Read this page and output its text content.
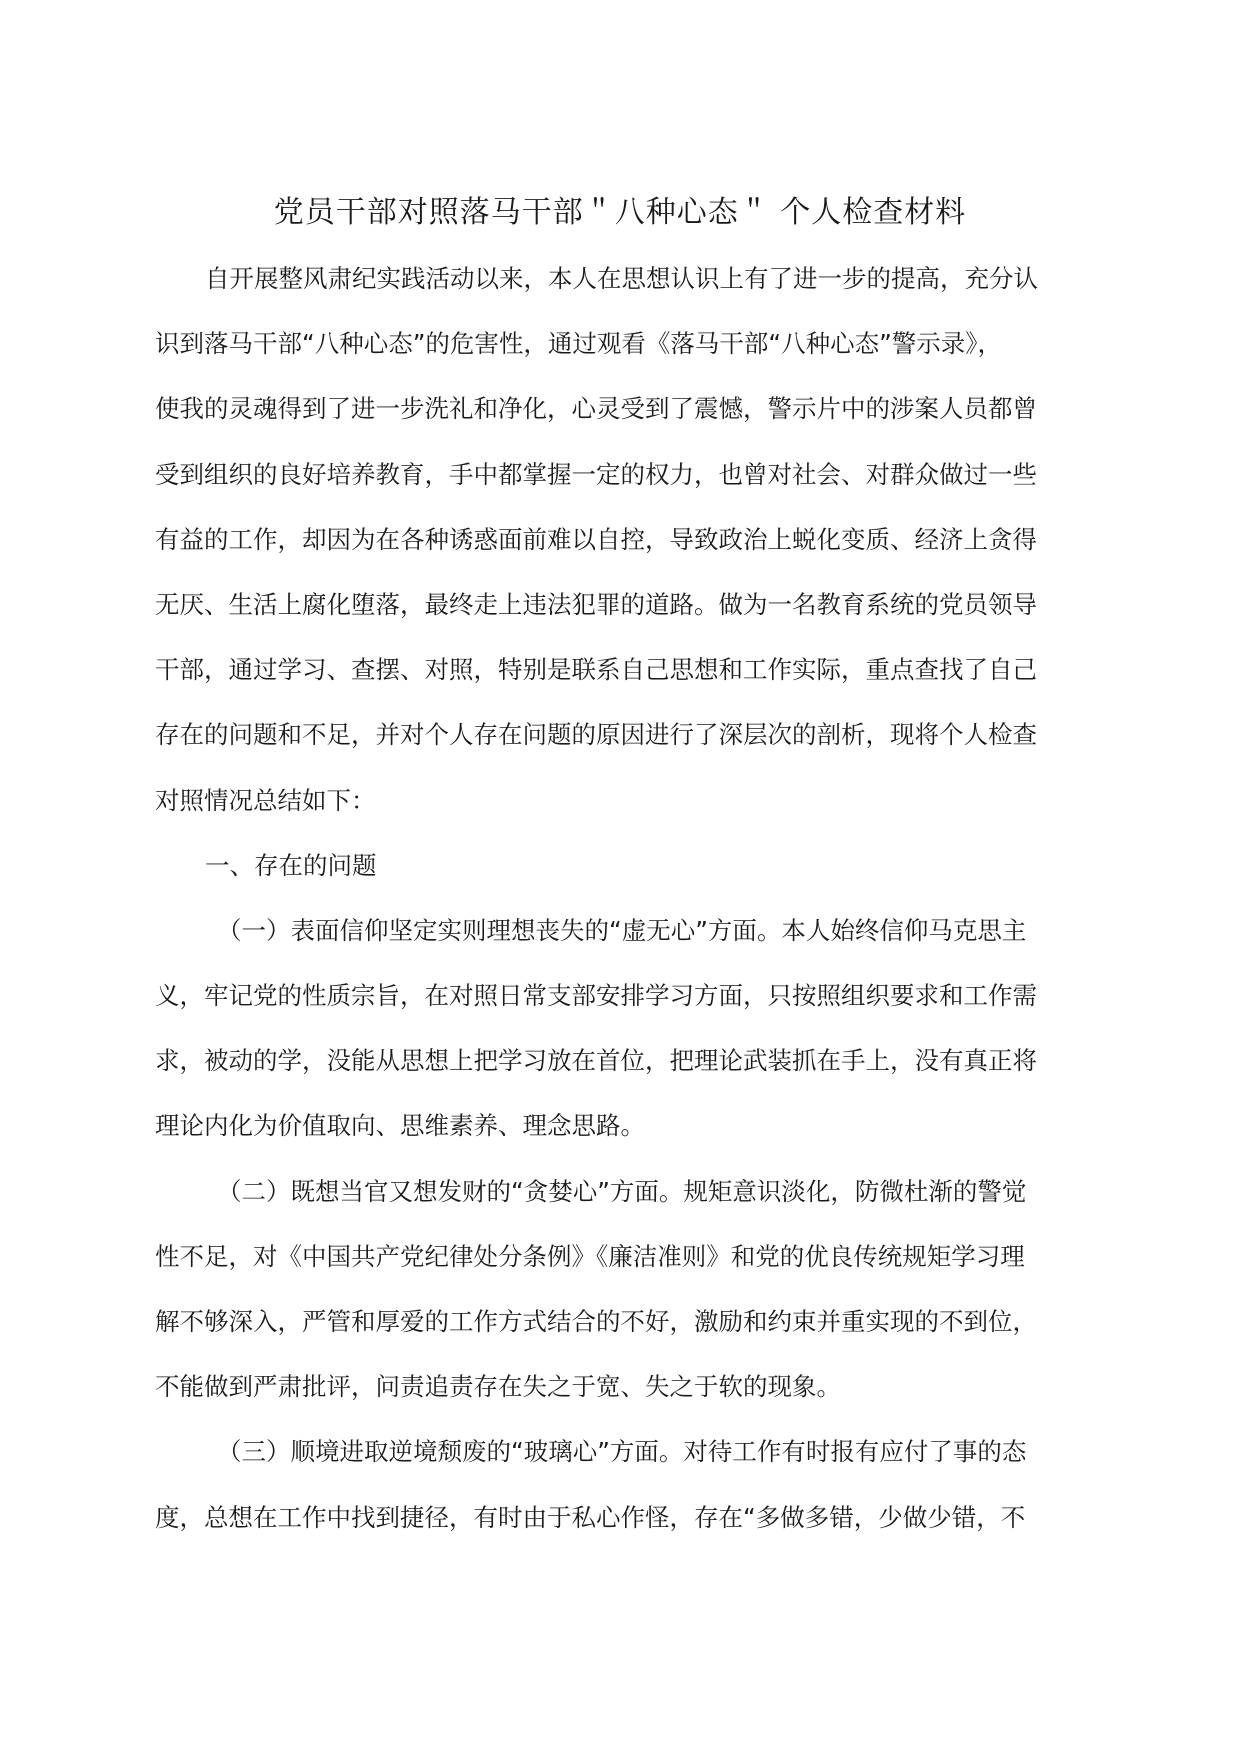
党员干部对照落马干部＂八种心态＂ 个人检查材料
自开展整风肃纪实践活动以来，本人在思想认识上有了进一步的提高，充分认
识到落马干部“八种心态”的危害性，通过观看《落马干部“八种心态”警示录》，
使我的灵魂得到了进一步洗礼和净化，心灵受到了震憾，警示片中的涉案人员都曾
受到组织的良好培养教育，手中都掌握一定的权力，也曾对社会、对群众做过一些
有益的工作，却因为在各种诱惑面前难以自控，导致政治上蜕化变质、经济上贪得
无厌、生活上腐化堕落，最终走上违法犯罪的道路。做为一名教育系统的党员领导
干部，通过学习、查摆、对照，特别是联系自己思想和工作实际，重点查找了自己
存在的问题和不足，并对个人存在问题的原因进行了深层次的剖析，现将个人检查
对照情况总结如下：
一、存在的问题
（一）表面信仰坚定实则理想丧失的“虚无心”方面。本人始终信仰马克思主
义，牢记党的性质宗旨，在对照日常支部安排学习方面，只按照组织要求和工作需
求，被动的学，没能从思想上把学习放在首位，把理论武装抓在手上，没有真正将
理论内化为价值取向、思维素养、理念思路。
（二）既想当官又想发财的“贪婪心”方面。规矩意识淡化，防微杜渐的警觉
性不足，对《中国共产党纪律处分条例》《廉洁准则》和党的优良传统规矩学习理
解不够深入，严管和厚爱的工作方式结合的不好，激励和约束并重实现的不到位，
不能做到严肃批评，问责追责存在失之于宽、失之于软的现象。
（三）顺境进取逆境颓废的“玻璃心”方面。对待工作有时报有应付了事的态
度，总想在工作中找到捷径，有时由于私心作怪，存在“多做多错，少做少错，不
